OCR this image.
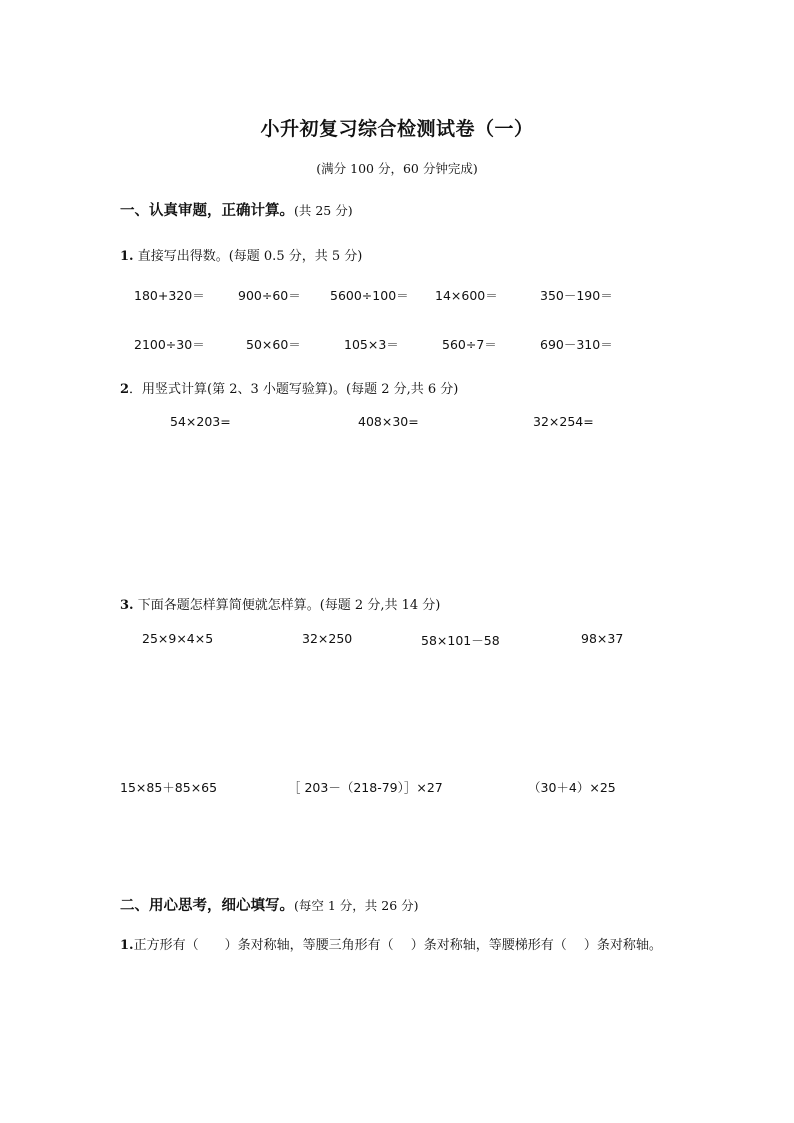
小升初复习综合检测试卷（一）
(满分 100 分，60 分钟完成)
一、认真审题，正确计算。(共 25 分)
1. 直接写出得数。(每题 0.5 分，共 5 分)
180+320＝	900÷60＝ 5600÷100＝ 14×600＝	350－190＝
2100÷30＝	50×60＝	105×3＝	560÷7＝	690－310＝
2．用竖式计算(第 2、3 小题写验算)。(每题 2 分,共 6 分)
54×203=	408×30=	32×254=
3. 下面各题怎样算简便就怎样算。(每题 2 分,共 14 分)
25×9×4×5	32×250	58×101－58	98×37
15×85＋85×65	［ 203－（218-79）］×27	（30＋4）×25
二、用心思考，细心填写。(每空 1 分，共 26 分)
1.正方形有（　　）条对称轴，等腰三角形有（　 ）条对称轴，等腰梯形有（　 ）条对称轴。
